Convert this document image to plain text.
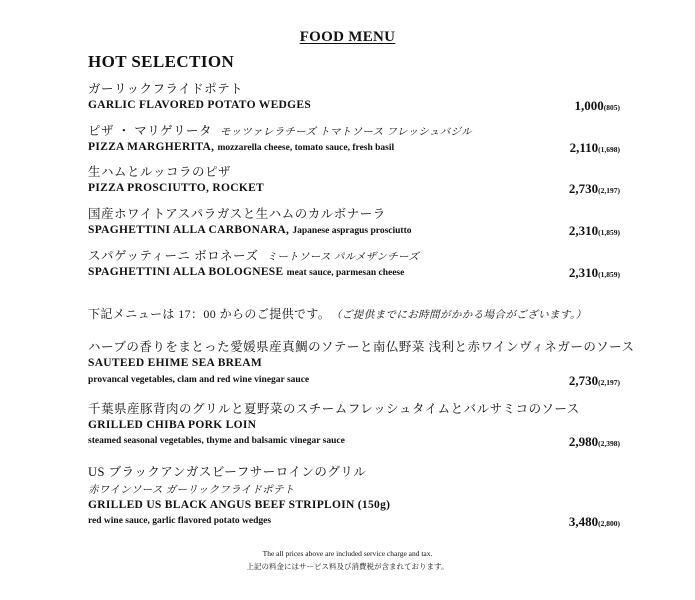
FOOD MENU
HOT SELECTION
ガーリックフライドポテト
GARLIC FLAVORED POTATO WEDGES	1,000(805)
ピザ ・ マリゲリータ モッツァレラチーズ トマトソース フレッシュバジル
PIZZA MARGHERITA, mozzarella cheese, tomato sauce, fresh basil	2,110(1,698)
生ハムとルッコラのピザ
PIZZA PROSCIUTTO, ROCKET	2,730(2,197)
国産ホワイトアスパラガスと生ハムのカルボナーラ
SPAGHETTINI ALLA CARBONARA, Japanese aspragus prosciutto	2,310(1,859)
スパゲッティーニ ボロネーズ ミートソース パルメザンチーズ
SPAGHETTINI ALLA BOLOGNESE meat sauce, parmesan cheese	2,310(1,859)
下記メニューは 17：00 からのご提供です。 （ご提供までにお時間がかかる場合がございます。）
ハーブの香りをまとった愛媛県産真鯛のソテーと南仏野菜 浅利と赤ワインヴィネガーのソース
SAUTEED EHIME SEA BREAM
provancal vegetables, clam and red wine vinegar sauce	2,730(2,197)
千葉県産豚背肉のグリルと夏野菜のスチームフレッシュタイムとバルサミコのソース
GRILLED CHIBA PORK LOIN
steamed seasonal vegetables, thyme and balsamic vinegar sauce	2,980(2,398)
US ブラックアンガスビーフサーロインのグリル
赤ワインソース ガーリックフライドポテト
GRILLED US BLACK ANGUS BEEF STRIPLOIN (150g)
red wine sauce, garlic flavored potato wedges	3,480(2,800)
The all prices above are included service charge and tax.
上記の料金にはサービス料及び消費税が含まれております。
